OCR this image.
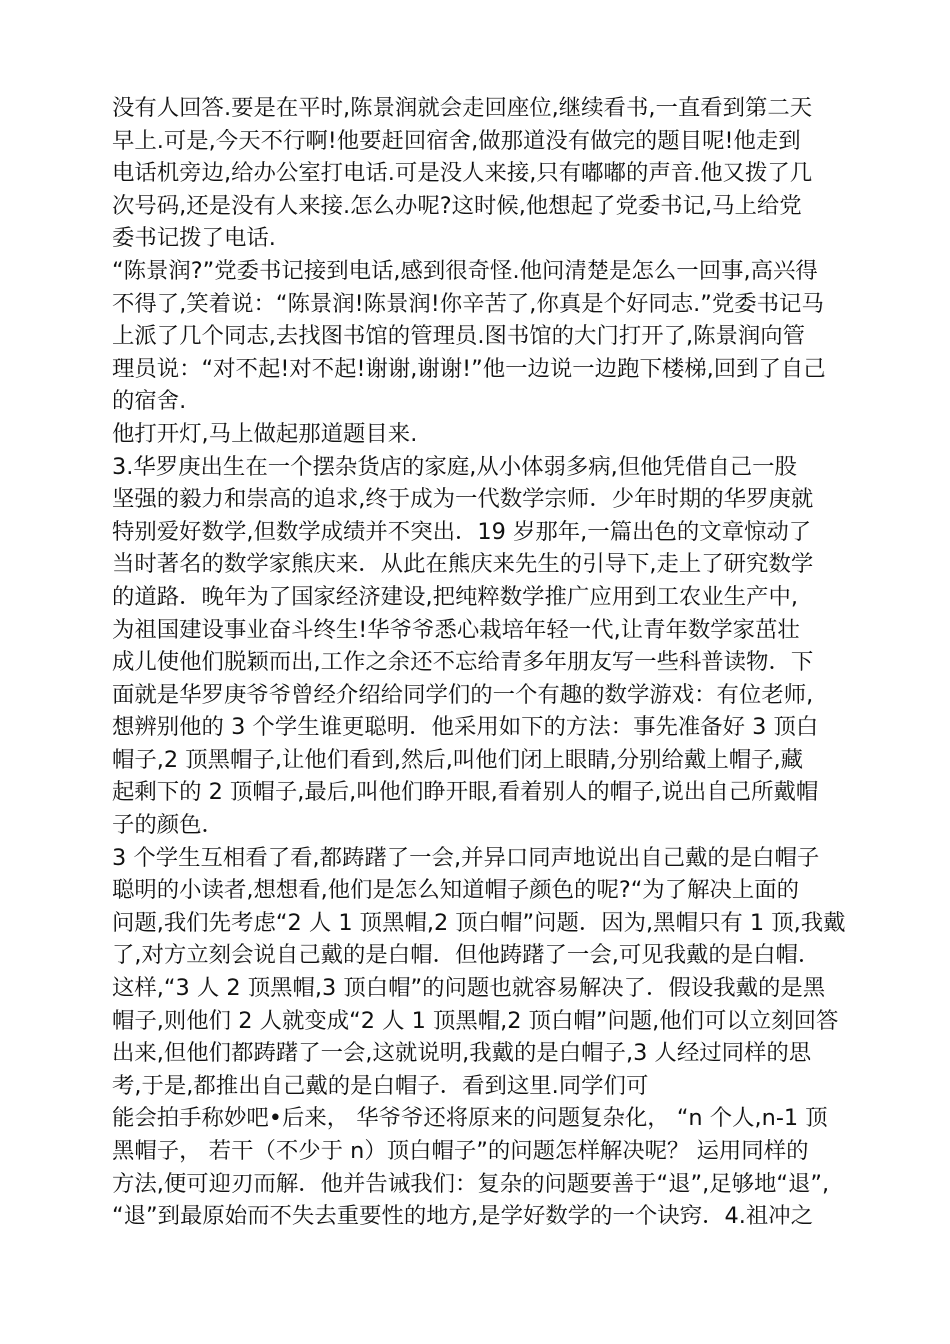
没有人回答.要是在平时,陈景润就会走回座位,继续看书,一直看到第二天
早上.可是,今天不行啊!他要赶回宿舍,做那道没有做完的题目呢!他走到
电话机旁边,给办公室打电话.可是没人来接,只有嘟嘟的声音.他又拨了几
次号码,还是没有人来接.怎么办呢?这时候,他想起了党委书记,马上给党
委书记拨了电话.
“陈景润?”党委书记接到电话,感到很奇怪.他问清楚是怎么一回事,高兴得
不得了,笑着说：“陈景润!陈景润!你辛苦了,你真是个好同志.”党委书记马
上派了几个同志,去找图书馆的管理员.图书馆的大门打开了,陈景润向管
理员说：“对不起!对不起!谢谢,谢谢!”他一边说一边跑下楼梯,回到了自己
的宿舍.
他打开灯,马上做起那道题目来.
3.华罗庚出生在一个摆杂货店的家庭,从小体弱多病,但他凭借自己一股
坚强的毅力和崇高的追求,终于成为一代数学宗师．少年时期的华罗庚就
特别爱好数学,但数学成绩并不突出．19 岁那年,一篇出色的文章惊动了
当时著名的数学家熊庆来．从此在熊庆来先生的引导下,走上了研究数学
的道路．晚年为了国家经济建设,把纯粹数学推广应用到工农业生产中,
为祖国建设事业奋斗终生!华爷爷悉心栽培年轻一代,让青年数学家茁壮
成儿使他们脱颖而出,工作之余还不忘给青多年朋友写一些科普读物．下
面就是华罗庚爷爷曾经介绍给同学们的一个有趣的数学游戏：有位老师,
想辨别他的 3 个学生谁更聪明．他采用如下的方法：事先准备好 3 顶白
帽子,2 顶黑帽子,让他们看到,然后,叫他们闭上眼睛,分别给戴上帽子,藏
起剩下的 2 顶帽子,最后,叫他们睁开眼,看着别人的帽子,说出自己所戴帽
子的颜色．
3 个学生互相看了看,都踌躇了一会,并异口同声地说出自己戴的是白帽子
聪明的小读者,想想看,他们是怎么知道帽子颜色的呢?“为了解决上面的
问题,我们先考虑“2 人 1 顶黑帽,2 顶白帽”问题．因为,黑帽只有 1 顶,我戴
了,对方立刻会说自己戴的是白帽．但他踌躇了一会,可见我戴的是白帽．
这样,“3 人 2 顶黑帽,3 顶白帽”的问题也就容易解决了．假设我戴的是黑
帽子,则他们 2 人就变成“2 人 1 顶黑帽,2 顶白帽”问题,他们可以立刻回答
出来,但他们都踌躇了一会,这就说明,我戴的是白帽子,3 人经过同样的思
考,于是,都推出自己戴的是白帽子．看到这里.同学们可
能会拍手称妙吧•后来， 华爷爷还将原来的问题复杂化， “n 个人,n-1 顶
黑帽子， 若干（不少于 n）顶白帽子”的问题怎样解决呢？ 运用同样的
方法,便可迎刃而解．他并告诫我们：复杂的问题要善于“退”,足够地“退”,
“退”到最原始而不失去重要性的地方,是学好数学的一个诀窍．4.祖冲之
